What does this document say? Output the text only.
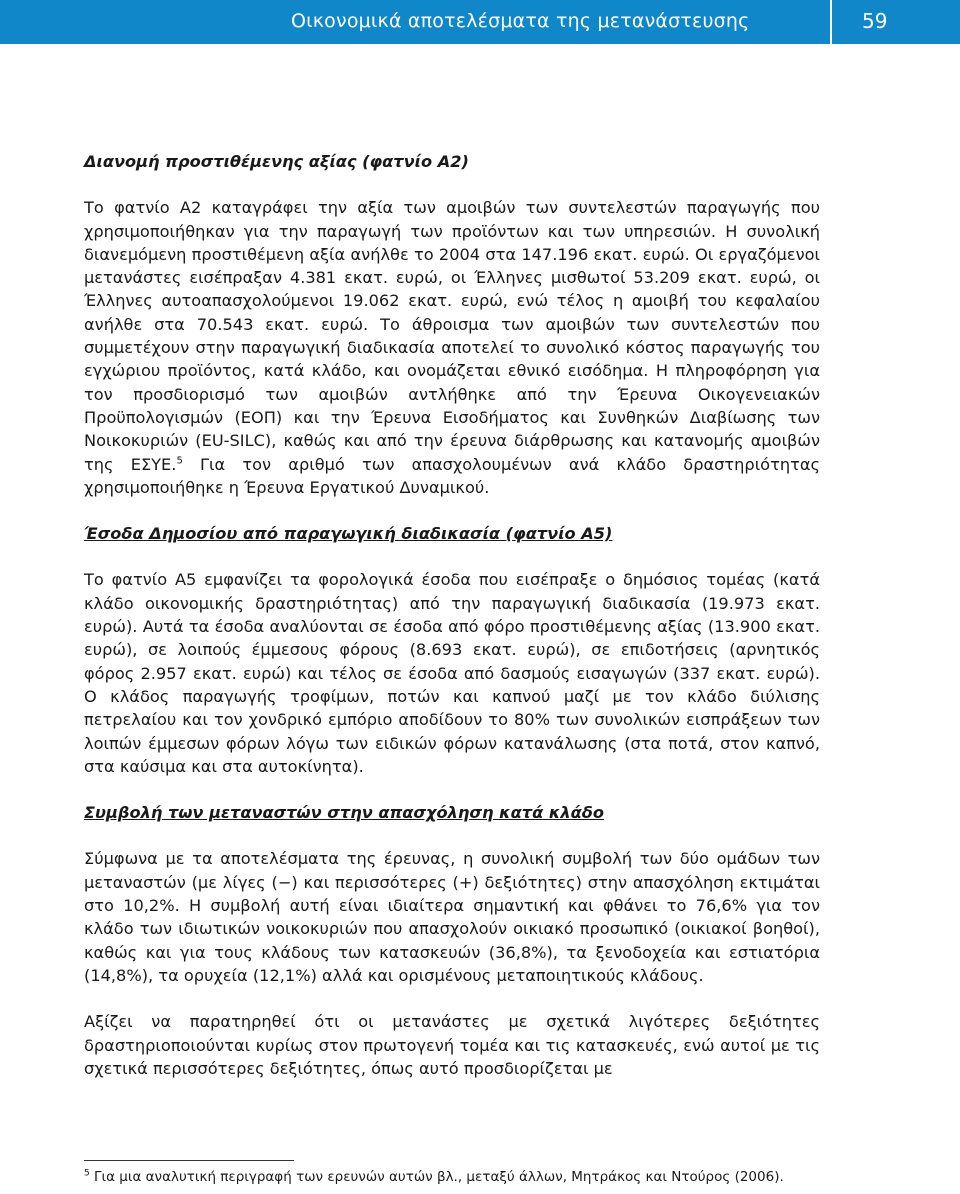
Οικονομικά αποτελέσματα της μετανάστευσης	59
Διανομή προστιθέμενης αξίας (φατνίο Α2)

Το φατνίο Α2 καταγράφει την αξία των αμοιβών των συντελεστών παραγωγής που χρησιμοποιήθηκαν για την παραγωγή των προϊόντων και των υπηρεσιών. Η συνολική διανεμόμενη προστιθέμενη αξία ανήλθε το 2004 στα 147.196 εκατ. ευρώ. Οι εργαζόμενοι μετανάστες εισέπραξαν 4.381 εκατ. ευρώ, οι Έλληνες μισθωτοί 53.209 εκατ. ευρώ, οι Έλληνες αυτοαπασχολούμενοι 19.062 εκατ. ευρώ, ενώ τέλος η αμοιβή του κεφαλαίου ανήλθε στα 70.543 εκατ. ευρώ. Το άθροισμα των αμοιβών των συντελεστών που συμμετέχουν στην παραγωγική διαδικασία αποτελεί το συνολικό κόστος παραγωγής του εγχώριου προϊόντος, κατά κλάδο, και ονομάζεται εθνικό εισόδημα. Η πληροφόρηση για τον προσδιορισμό των αμοιβών αντλήθηκε από την Έρευνα Οικογενειακών Προϋπολογισμών (ΕΟΠ) και την Έρευνα Εισοδήματος και Συνθηκών Διαβίωσης των Νοικοκυριών (EU-SILC), καθώς και από την έρευνα διάρθρωσης και κατανομής αμοιβών της ΕΣΥΕ.$^5$ Για τον αριθμό των απασχολουμένων ανά κλάδο δραστηριότητας χρησιμοποιήθηκε η Έρευνα Εργατικού Δυναμικού.

Έσοδα Δημοσίου από παραγωγική διαδικασία (φατνίο Α5)

Το φατνίο Α5 εμφανίζει τα φορολογικά έσοδα που εισέπραξε ο δημόσιος τομέας (κατά κλάδο οικονομικής δραστηριότητας) από την παραγωγική διαδικασία (19.973 εκατ. ευρώ). Αυτά τα έσοδα αναλύονται σε έσοδα από φόρο προστιθέμενης αξίας (13.900 εκατ. ευρώ), σε λοιπούς έμμεσους φόρους (8.693 εκατ. ευρώ), σε επιδοτήσεις (αρνητικός φόρος 2.957 εκατ. ευρώ) και τέλος σε έσοδα από δασμούς εισαγωγών (337 εκατ. ευρώ). Ο κλάδος παραγωγής τροφίμων, ποτών και καπνού μαζί με τον κλάδο διύλισης πετρελαίου και τον χονδρικό εμπόριο αποδίδουν το 80% των συνολικών εισπράξεων των λοιπών έμμεσων φόρων λόγω των ειδικών φόρων κατανάλωσης (στα ποτά, στον καπνό, στα καύσιμα και στα αυτοκίνητα).

Συμβολή των μεταναστών στην απασχόληση κατά κλάδο

Σύμφωνα με τα αποτελέσματα της έρευνας, η συνολική συμβολή των δύο ομάδων των μεταναστών (με λίγες (−) και περισσότερες (+) δεξιότητες) στην απασχόληση εκτιμάται στο 10,2%. Η συμβολή αυτή είναι ιδιαίτερα σημαντική και φθάνει το 76,6% για τον κλάδο των ιδιωτικών νοικοκυριών που απασχολούν οικιακό προσωπικό (οικιακοί βοηθοί), καθώς και για τους κλάδους των κατασκευών (36,8%), τα ξενοδοχεία και εστιατόρια (14,8%), τα ορυχεία (12,1%) αλλά και ορισμένους μεταποιητικούς κλάδους.

Αξίζει να παρατηρηθεί ότι οι μετανάστες με σχετικά λιγότερες δεξιότητες δραστηριοποιούνται κυρίως στον πρωτογενή τομέα και τις κατασκευές, ενώ αυτοί με τις σχετικά περισσότερες δεξιότητες, όπως αυτό προσδιορίζεται με

$^5$ Για μια αναλυτική περιγραφή των ερευνών αυτών βλ., μεταξύ άλλων, Μητράκος και Ντούρος (2006).
